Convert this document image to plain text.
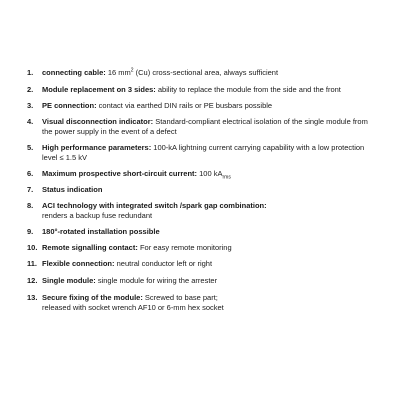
1.	connecting cable: 16 $mm^2$ (Cu) cross-sectional area, always sufficient
2.	Module replacement on 3 sides: ability to replace the module from the side and the front
3.	PE connection: contact via earthed DIN rails or PE busbars possible
4.	Visual disconnection indicator: Standard-compliant electrical isolation of the single module from the power supply in the event of a defect
5.	High performance parameters: 100-kA lightning current carrying capability with a low protection level ≤ 1.5 kV
6.	Maximum prospective short-circuit current: 100 $kA_{rms}$
7.	Status indication
8.	ACI technology with integrated switch /spark gap combination:
renders a backup fuse redundant
9.	180°-rotated installation possible
10. Remote signalling contact: For easy remote monitoring
11. Flexible connection: neutral conductor left or right
12. Single module: single module for wiring the arrester
13. Secure fixing of the module: Screwed to base part;
released with socket wrench AF10 or 6-mm hex socket
